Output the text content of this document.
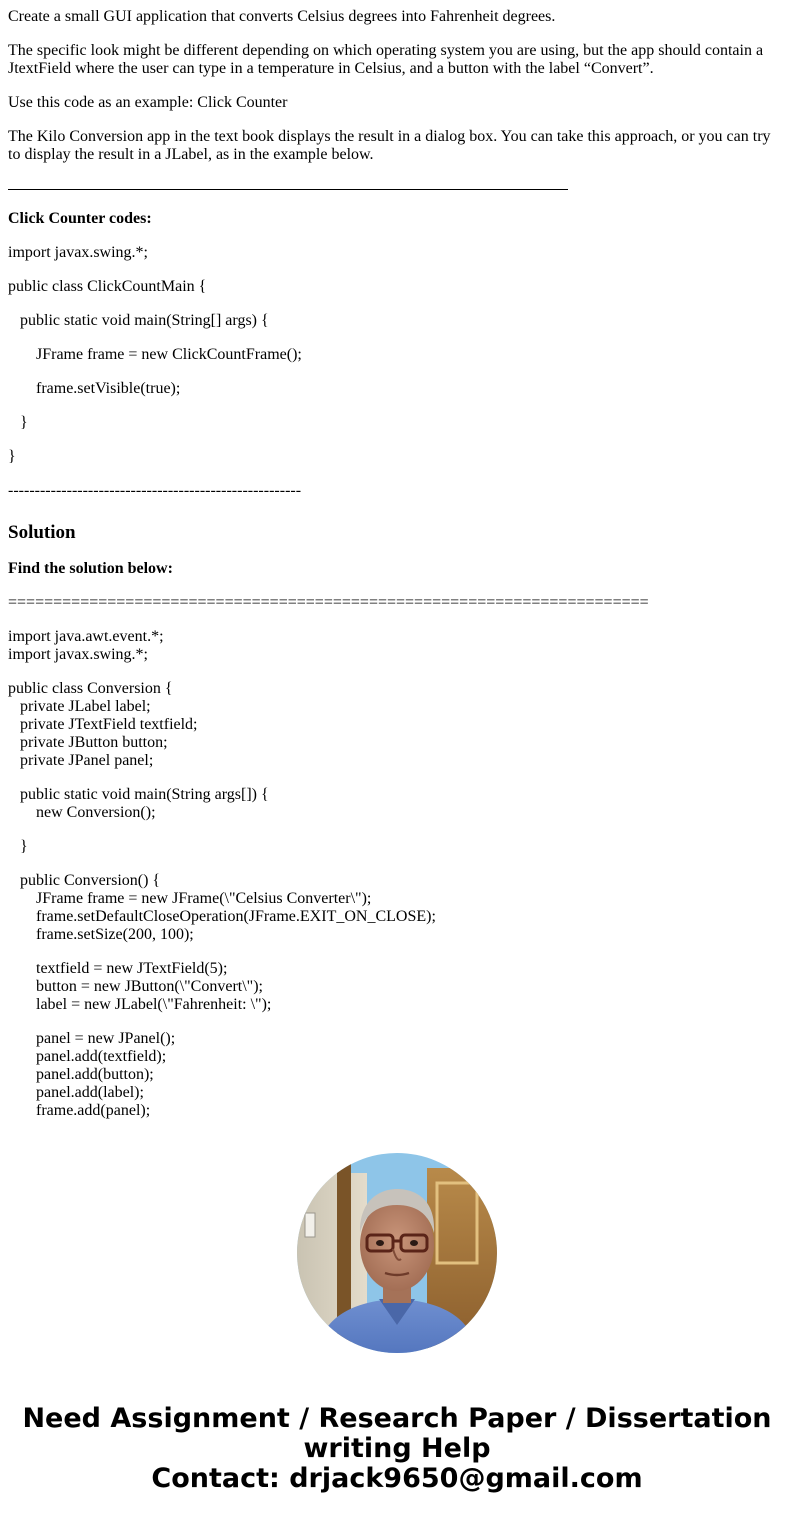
Create a small GUI application that converts Celsius degrees into Fahrenheit degrees.

The specific look might be different depending on which operating system you are using, but the app should contain a JtextField where the user can type in a temperature in Celsius, and a button with the label “Convert”.

Use this code as an example: Click Counter

The Kilo Conversion app in the text book displays the result in a dialog box. You can take this approach, or you can try to display the result in a JLabel, as in the example below.

Click Counter codes:

import javax.swing.*;

public class ClickCountMain {

public static void main(String[] args) {

JFrame frame = new ClickCountFrame();

frame.setVisible(true);

}

}

-------------------------------------------------------

Solution

Find the solution below:

=======================================================================

import java.awt.event.*;

import javax.swing.*;

public class Conversion {

private JLabel label;

private JTextField textfield;

private JButton button;

private JPanel panel;

public static void main(String args[]) {

new Conversion();

}

public Conversion() {

JFrame frame = new JFrame(\"Celsius Converter\");

frame.setDefaultCloseOperation(JFrame.EXIT_ON_CLOSE);

frame.setSize(200, 100);

textfield = new JTextField(5);

button = new JButton(\"Convert\");

label = new JLabel(\"Fahrenheit: \");

panel = new JPanel();

panel.add(textfield);

panel.add(button);

panel.add(label);

frame.add(panel);

Need Assignment / Research Paper / Dissertation writing Help
Contact: drjack9650@gmail.com
